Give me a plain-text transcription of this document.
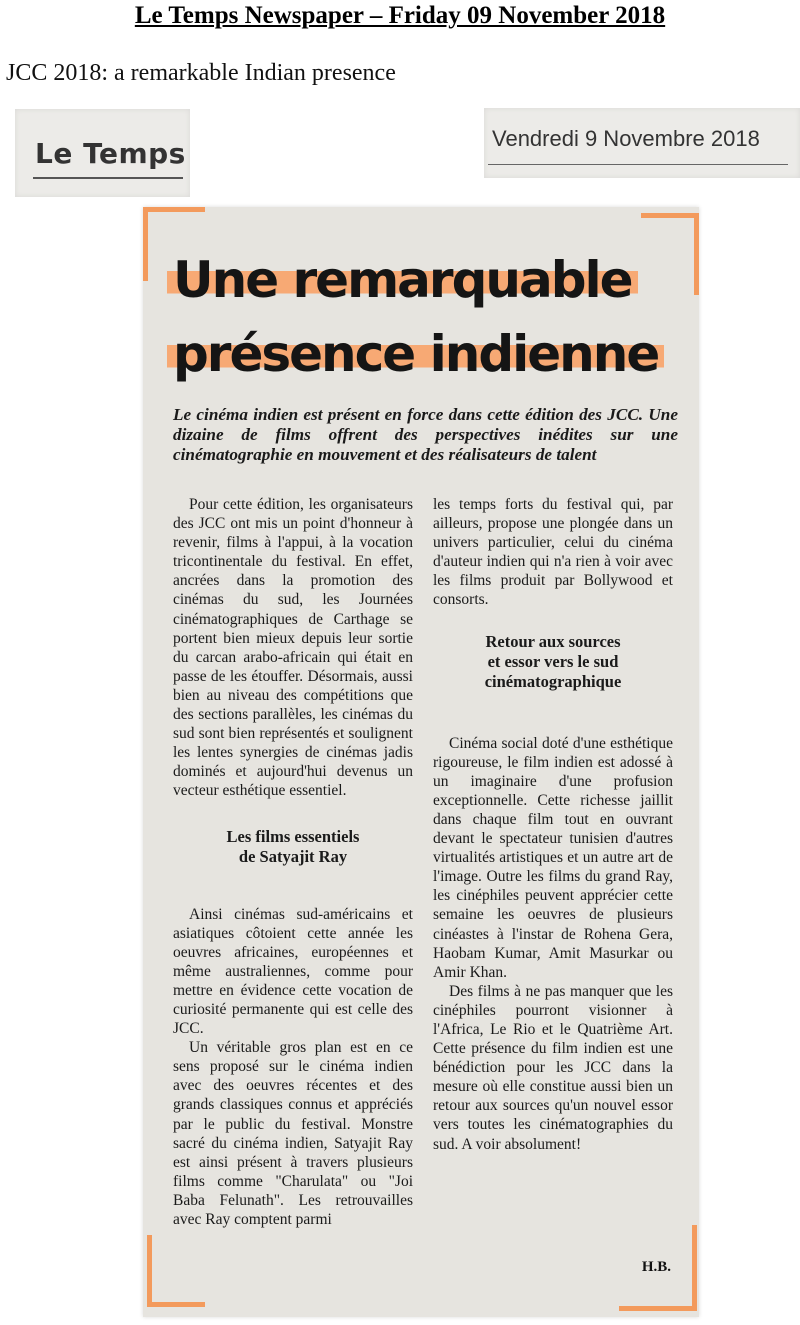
Le Temps Newspaper – Friday 09 November 2018
JCC 2018: a remarkable Indian presence
Le Temps	Vendredi 9 Novembre 2018
Une remarquable
présence indienne
Le cinéma indien est présent en force dans cette édition des JCC. Une dizaine de films offrent des perspectives inédites sur une cinématographie en mouvement et des réalisateurs de talent

Pour cette édition, les organisateurs des JCC ont mis un point d'honneur à revenir, films à l'appui, à la vocation tricontinentale du festival. En effet, ancrées dans la promotion des cinémas du sud, les Journées cinématographiques de Carthage se portent bien mieux depuis leur sortie du carcan arabo-africain qui était en passe de les étouffer. Désormais, aussi bien au niveau des compétitions que des sections parallèles, les cinémas du sud sont bien représentés et soulignent les lentes synergies de cinémas jadis dominés et aujourd'hui devenus un vecteur esthétique essentiel.

Les films essentiels

de Satyajit Ray

Ainsi cinémas sud-américains et asiatiques côtoient cette année les oeuvres africaines, européennes et même australiennes, comme pour mettre en évidence cette vocation de curiosité permanente qui est celle des JCC.

Un véritable gros plan est en ce sens proposé sur le cinéma indien avec des oeuvres récentes et des grands classiques connus et appréciés par le public du festival. Monstre sacré du cinéma indien, Satyajit Ray est ainsi présent à travers plusieurs films comme "Charulata" ou "Joi Baba Felunath". Les retrouvailles avec Ray comptent parmi

les temps forts du festival qui, par ailleurs, propose une plongée dans un univers particulier, celui du cinéma d'auteur indien qui n'a rien à voir avec les films produit par Bollywood et consorts.

Retour aux sources

et essor vers le sud

cinématographique

Cinéma social doté d'une esthétique rigoureuse, le film indien est adossé à un imaginaire d'une profusion exceptionnelle. Cette richesse jaillit dans chaque film tout en ouvrant devant le spectateur tunisien d'autres virtualités artistiques et un autre art de l'image. Outre les films du grand Ray, les cinéphiles peuvent apprécier cette semaine les oeuvres de plusieurs cinéastes à l'instar de Rohena Gera, Haobam Kumar, Amit Masurkar ou Amir Khan.

Des films à ne pas manquer que les cinéphiles pourront visionner à l'Africa, Le Rio et le Quatrième Art. Cette présence du film indien est une bénédiction pour les JCC dans la mesure où elle constitue aussi bien un retour aux sources qu'un nouvel essor vers toutes les cinématographies du sud. A voir absolument!

H.B.
